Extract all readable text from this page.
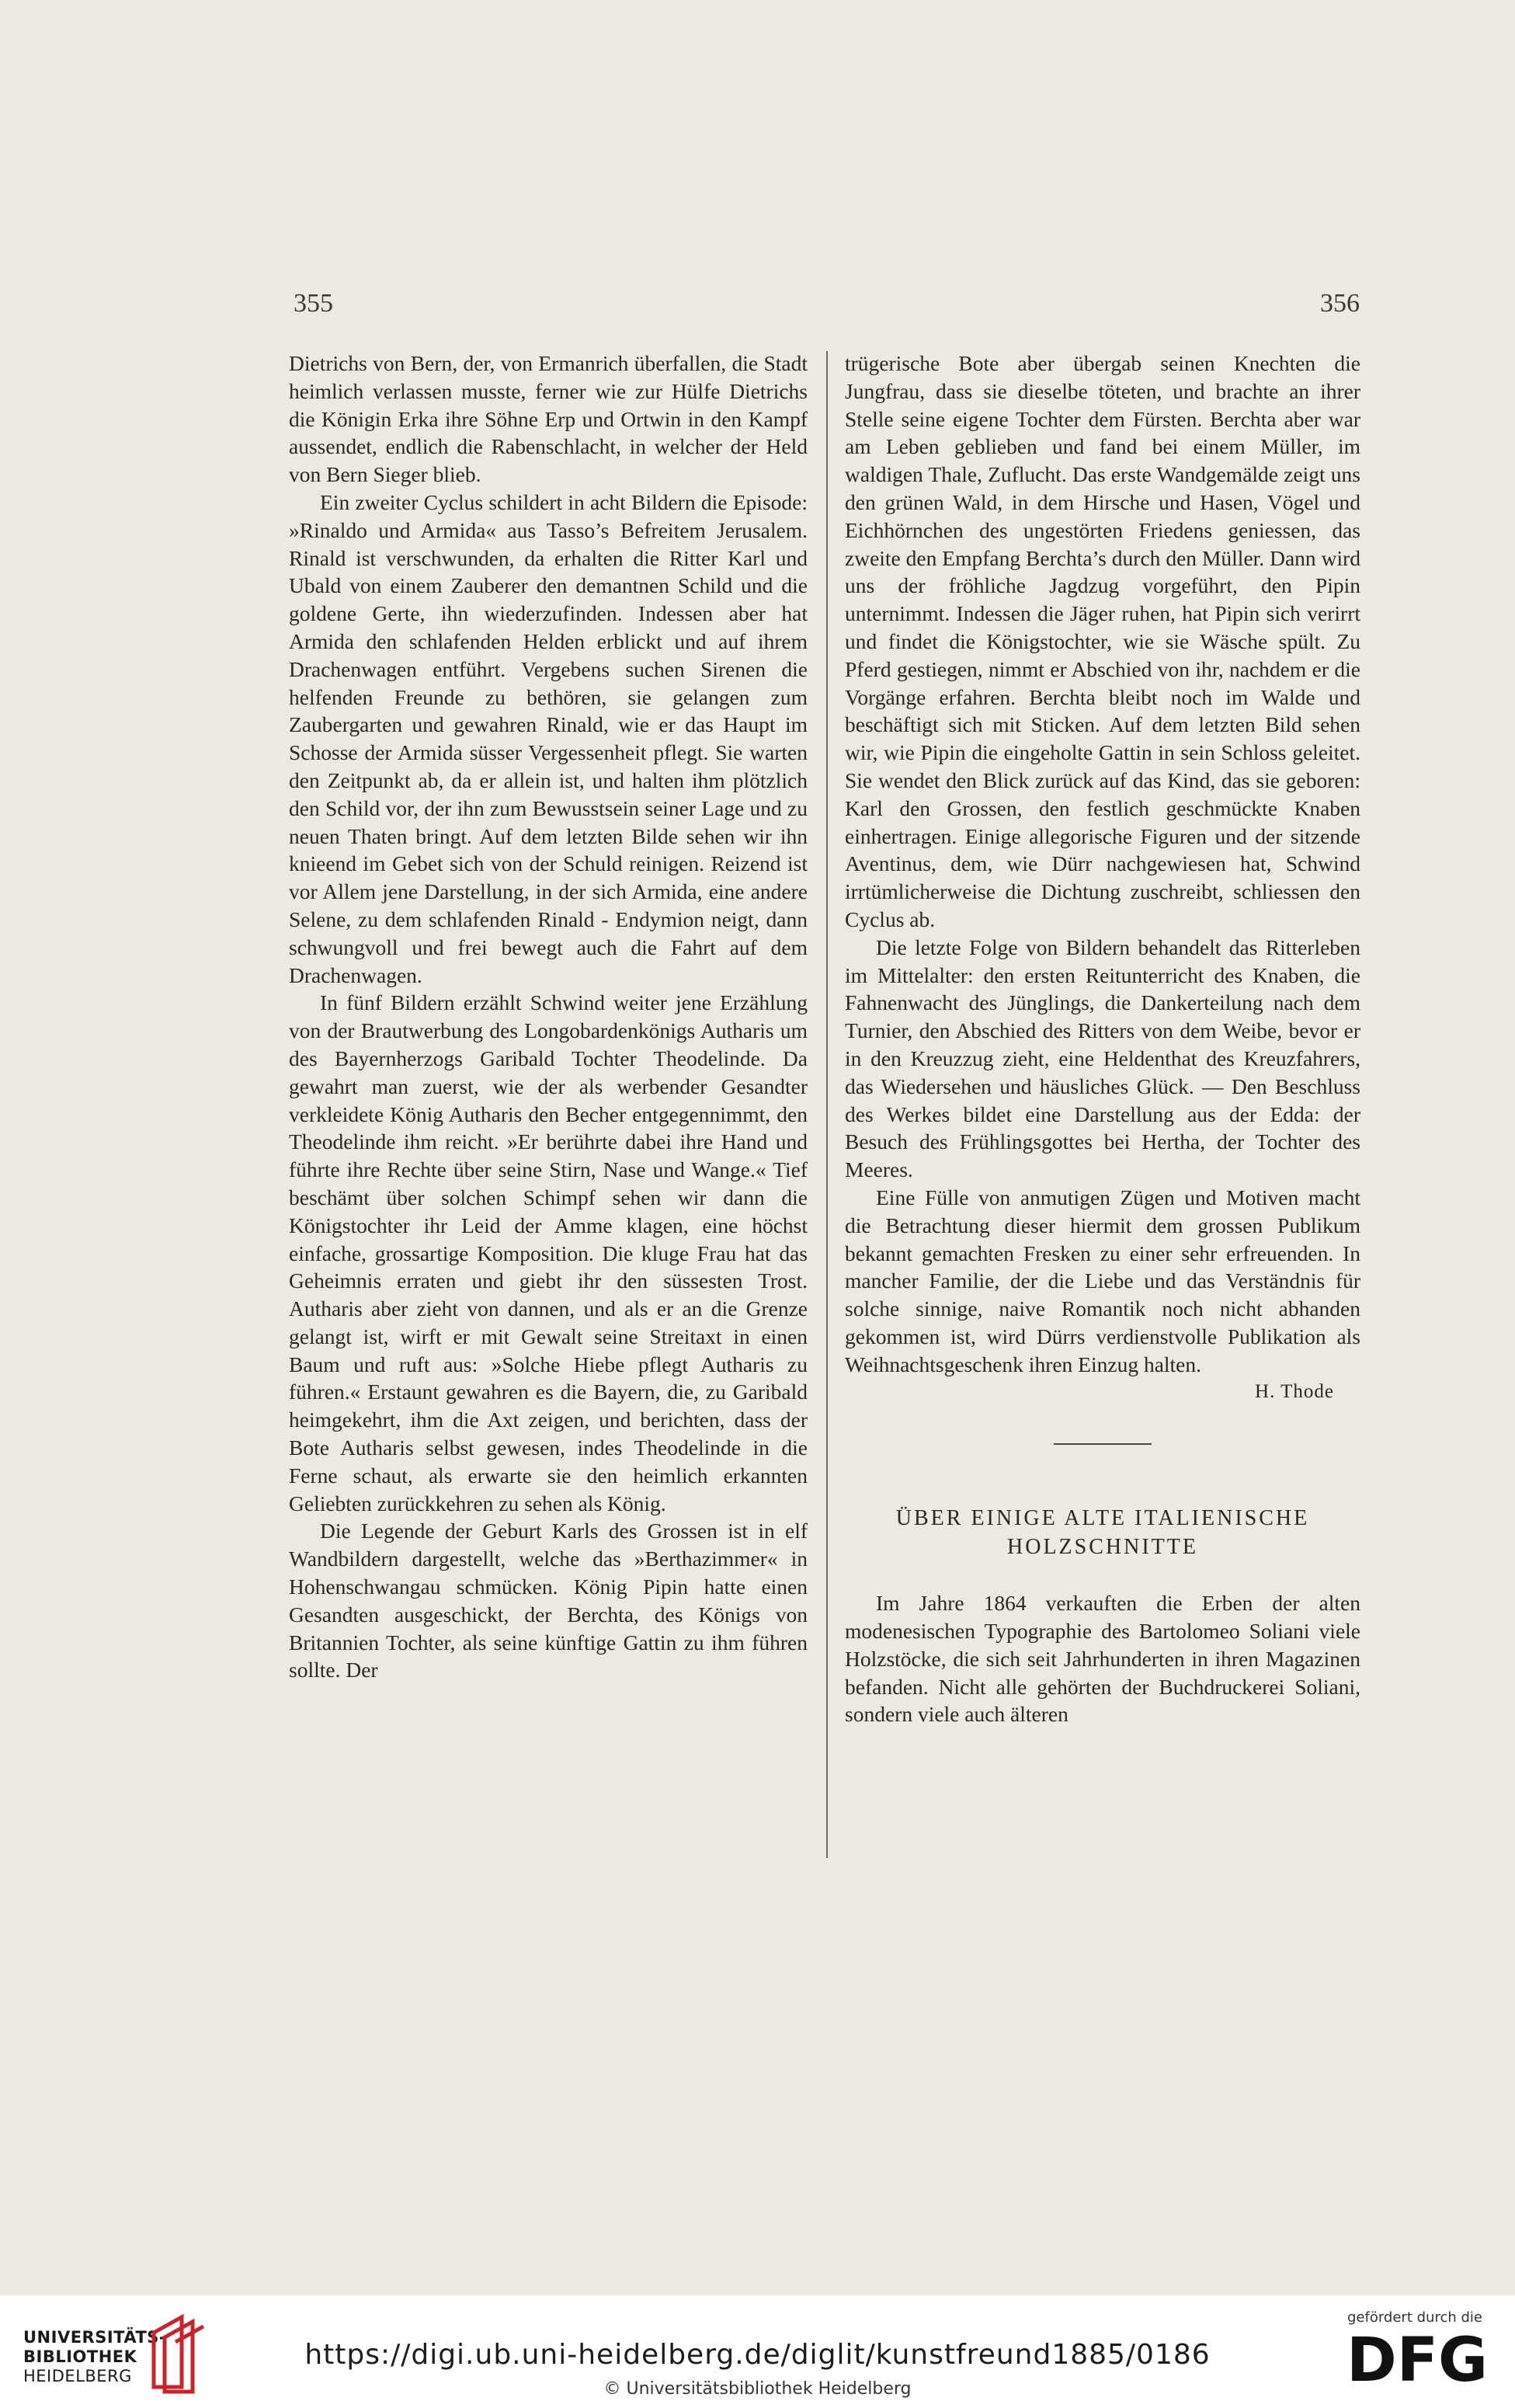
355	356

Dietrichs von Bern, der, von Ermanrich überfallen, die Stadt heimlich verlassen musste, ferner wie zur Hülfe Dietrichs die Königin Erka ihre Söhne Erp und Ortwin in den Kampf aussendet, endlich die Rabenschlacht, in welcher der Held von Bern Sieger blieb.

Ein zweiter Cyclus schildert in acht Bildern die Episode: »Rinaldo und Armida« aus Tasso’s Befreitem Jerusalem. Rinald ist verschwunden, da erhalten die Ritter Karl und Ubald von einem Zauberer den demantnen Schild und die goldene Gerte, ihn wiederzufinden. Indessen aber hat Armida den schlafenden Helden erblickt und auf ihrem Drachenwagen entführt. Vergebens suchen Sirenen die helfenden Freunde zu bethören, sie gelangen zum Zaubergarten und gewahren Rinald, wie er das Haupt im Schosse der Armida süsser Vergessenheit pflegt. Sie warten den Zeitpunkt ab, da er allein ist, und halten ihm plötzlich den Schild vor, der ihn zum Bewusstsein seiner Lage und zu neuen Thaten bringt. Auf dem letzten Bilde sehen wir ihn knieend im Gebet sich von der Schuld reinigen. Reizend ist vor Allem jene Darstellung, in der sich Armida, eine andere Selene, zu dem schlafenden Rinald - Endymion neigt, dann schwungvoll und frei bewegt auch die Fahrt auf dem Drachenwagen.

In fünf Bildern erzählt Schwind weiter jene Erzählung von der Brautwerbung des Longobardenkönigs Autharis um des Bayernherzogs Garibald Tochter Theodelinde. Da gewahrt man zuerst, wie der als werbender Gesandter verkleidete König Autharis den Becher entgegennimmt, den Theodelinde ihm reicht. »Er berührte dabei ihre Hand und führte ihre Rechte über seine Stirn, Nase und Wange.« Tief beschämt über solchen Schimpf sehen wir dann die Königstochter ihr Leid der Amme klagen, eine höchst einfache, grossartige Komposition. Die kluge Frau hat das Geheimnis erraten und giebt ihr den süssesten Trost. Autharis aber zieht von dannen, und als er an die Grenze gelangt ist, wirft er mit Gewalt seine Streitaxt in einen Baum und ruft aus: »Solche Hiebe pflegt Autharis zu führen.« Erstaunt gewahren es die Bayern, die, zu Garibald heimgekehrt, ihm die Axt zeigen, und berichten, dass der Bote Autharis selbst gewesen, indes Theodelinde in die Ferne schaut, als erwarte sie den heimlich erkannten Geliebten zurückkehren zu sehen als König.

Die Legende der Geburt Karls des Grossen ist in elf Wandbildern dargestellt, welche das »Berthazimmer« in Hohenschwangau schmücken. König Pipin hatte einen Gesandten ausgeschickt, der Berchta, des Königs von Britannien Tochter, als seine künftige Gattin zu ihm führen sollte. Der

trügerische Bote aber übergab seinen Knechten die Jungfrau, dass sie dieselbe töteten, und brachte an ihrer Stelle seine eigene Tochter dem Fürsten. Berchta aber war am Leben geblieben und fand bei einem Müller, im waldigen Thale, Zuflucht. Das erste Wandgemälde zeigt uns den grünen Wald, in dem Hirsche und Hasen, Vögel und Eichhörnchen des ungestörten Friedens geniessen, das zweite den Empfang Berchta’s durch den Müller. Dann wird uns der fröhliche Jagdzug vorgeführt, den Pipin unternimmt. Indessen die Jäger ruhen, hat Pipin sich verirrt und findet die Königstochter, wie sie Wäsche spült. Zu Pferd gestiegen, nimmt er Abschied von ihr, nachdem er die Vorgänge erfahren. Berchta bleibt noch im Walde und beschäftigt sich mit Sticken. Auf dem letzten Bild sehen wir, wie Pipin die eingeholte Gattin in sein Schloss geleitet. Sie wendet den Blick zurück auf das Kind, das sie geboren: Karl den Grossen, den festlich geschmückte Knaben einhertragen. Einige allegorische Figuren und der sitzende Aventinus, dem, wie Dürr nachgewiesen hat, Schwind irrtümlicherweise die Dichtung zuschreibt, schliessen den Cyclus ab.

Die letzte Folge von Bildern behandelt das Ritterleben im Mittelalter: den ersten Reitunterricht des Knaben, die Fahnenwacht des Jünglings, die Dankerteilung nach dem Turnier, den Abschied des Ritters von dem Weibe, bevor er in den Kreuzzug zieht, eine Heldenthat des Kreuzfahrers, das Wiedersehen und häusliches Glück. — Den Beschluss des Werkes bildet eine Darstellung aus der Edda: der Besuch des Frühlingsgottes bei Hertha, der Tochter des Meeres.

Eine Fülle von anmutigen Zügen und Motiven macht die Betrachtung dieser hiermit dem grossen Publikum bekannt gemachten Fresken zu einer sehr erfreuenden. In mancher Familie, der die Liebe und das Verständnis für solche sinnige, naive Romantik noch nicht abhanden gekommen ist, wird Dürrs verdienstvolle Publikation als Weihnachtsgeschenk ihren Einzug halten.

H. Thode
ÜBER EINIGE ALTE ITALIENISCHE
HOLZSCHNITTE

Im Jahre 1864 verkauften die Erben der alten modenesischen Typographie des Bartolomeo Soliani viele Holzstöcke, die sich seit Jahrhunderten in ihren Magazinen befanden. Nicht alle gehörten der Buchdruckerei Soliani, sondern viele auch älteren

UNIVERSITÄTS-
BIBLIOTHEK
HEIDELBERG
https://digi.ub.uni-heidelberg.de/diglit/kunstfreund1885/0186
© Universitätsbibliothek Heidelberg
gefördert durch die
DFG
